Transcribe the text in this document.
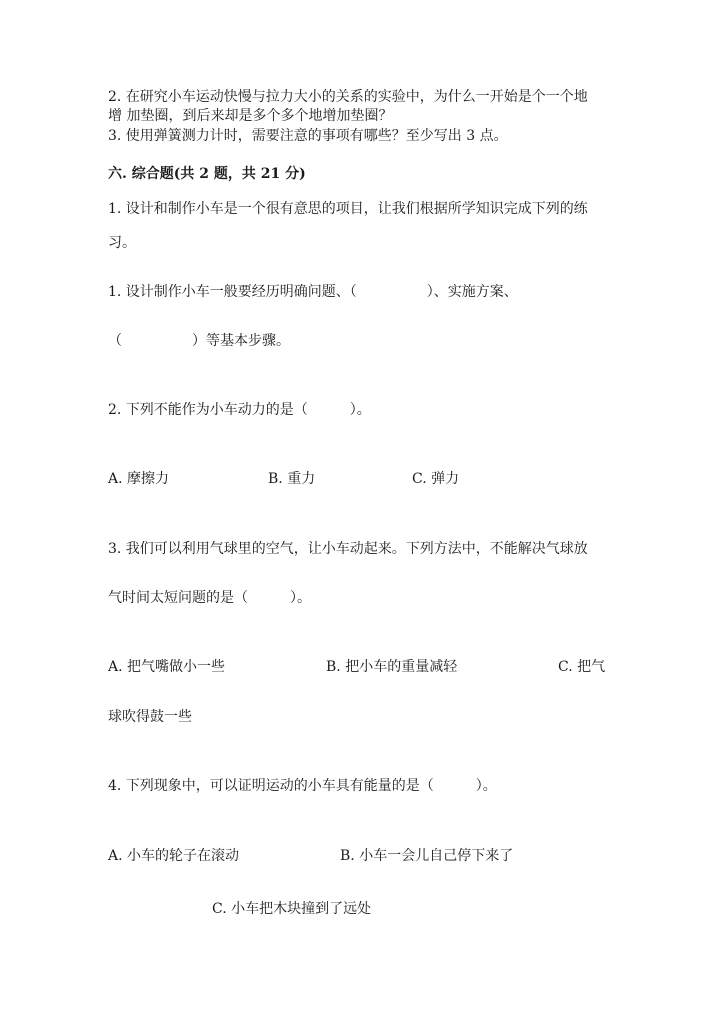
2. 在研究小车运动快慢与拉力大小的关系的实验中，为什么一开始是个一个地
增 加垫圈，到后来却是多个多个地增加垫圈？
3. 使用弹簧测力计时，需要注意的事项有哪些？至少写出 3 点。
六. 综合题(共 2 题，共 21 分)
1. 设计和制作小车是一个很有意思的项目，让我们根据所学知识完成下列的练
习。
1. 设计制作小车一般要经历明确问题、（　　　　　）、实施方案、
（　　　　　）等基本步骤。
2. 下列不能作为小车动力的是（　　　）。
A. 摩擦力	B. 重力	C. 弹力
3. 我们可以利用气球里的空气，让小车动起来。下列方法中，不能解决气球放
气时间太短问题的是（　　　）。
A. 把气嘴做小一些	B. 把小车的重量减轻	C. 把气
球吹得鼓一些
4. 下列现象中，可以证明运动的小车具有能量的是（　　　）。
A. 小车的轮子在滚动	B. 小车一会儿自己停下来了
C. 小车把木块撞到了远处
